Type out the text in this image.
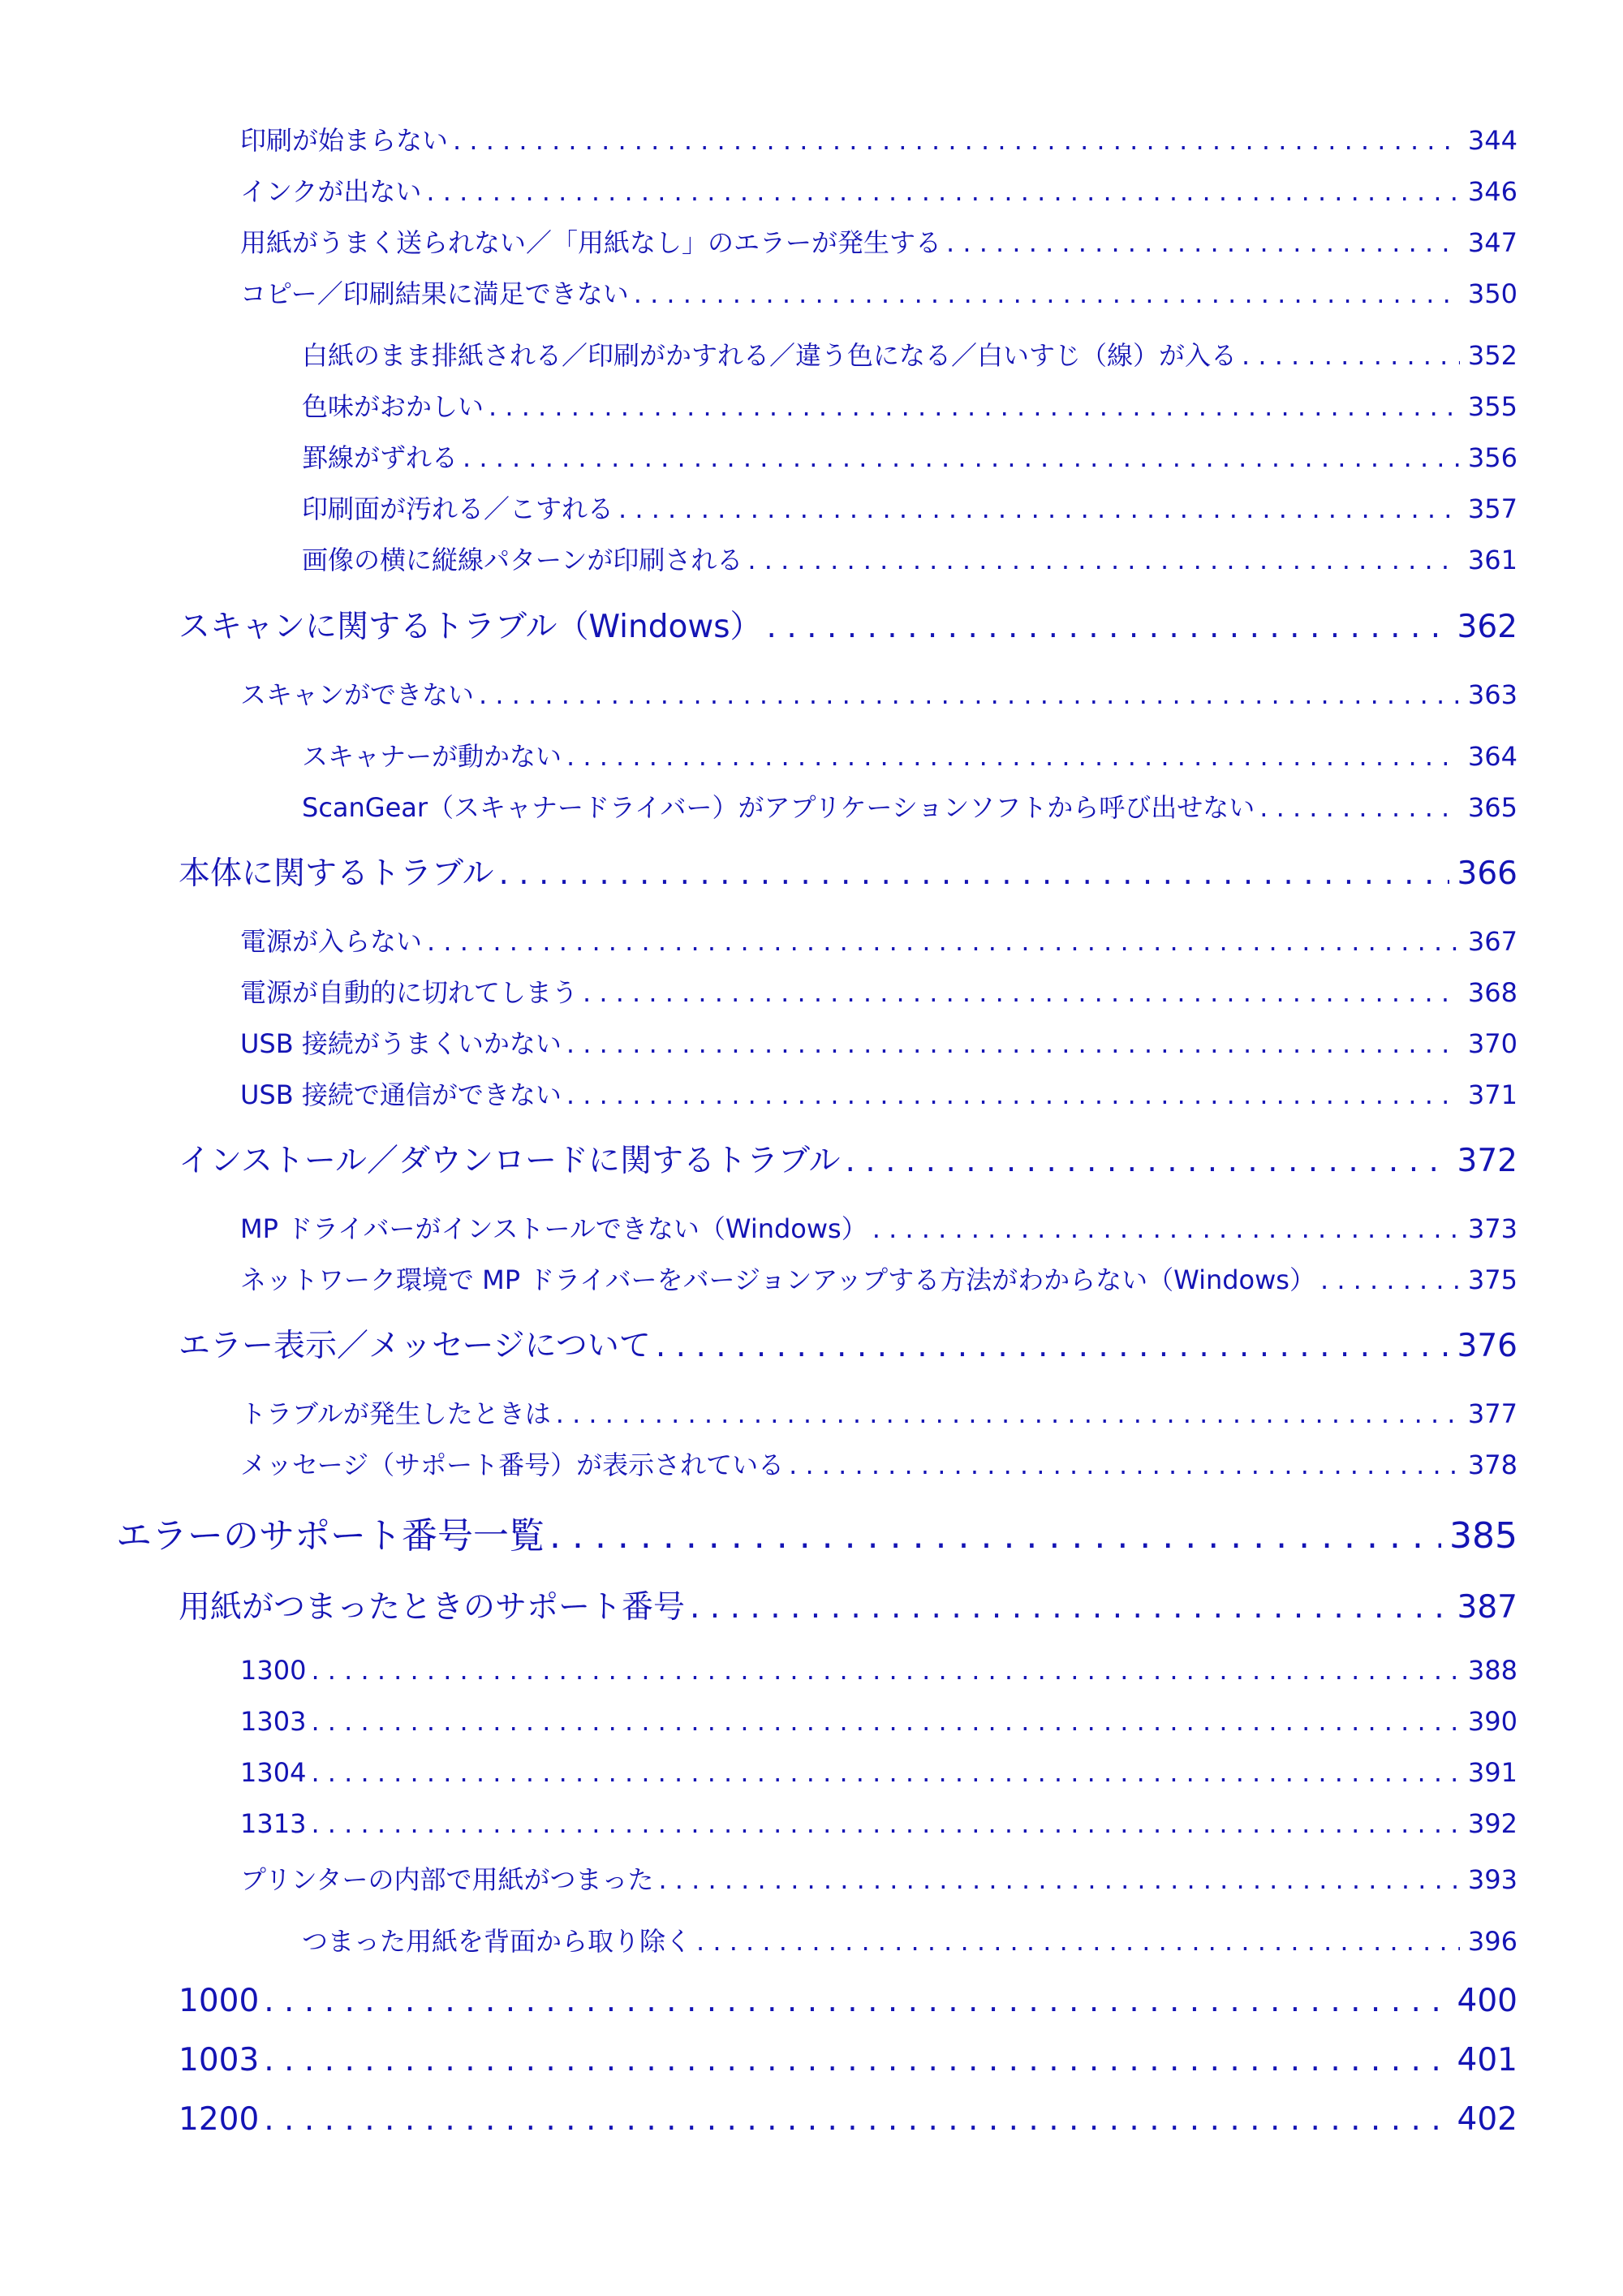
印刷が始まらない . . .	344
インクが出ない . . .	346
用紙がうまく送られない／「用紙なし」のエラーが発生する . . .	347
コピー／印刷結果に満足できない . . .	350
白紙のまま排紙される／印刷がかすれる／違う色になる／白いすじ（線）が入る . . .	352
色味がおかしい . . .	355
罫線がずれる . . .	356
印刷面が汚れる／こすれる . . .	357
画像の横に縦線パターンが印刷される . . .	361
スキャンに関するトラブル（Windows） . . .	362
スキャンができない . . .	363
スキャナーが動かない . . .	364
ScanGear（スキャナードライバー）がアプリケーションソフトから呼び出せない . . .	365
本体に関するトラブル . . .	366
電源が入らない . . .	367
電源が自動的に切れてしまう . . .	368
USB 接続がうまくいかない . . .	370
USB 接続で通信ができない . . .	371
インストール／ダウンロードに関するトラブル . . .	372
MP ドライバーがインストールできない（Windows） . . .	373
ネットワーク環境で MP ドライバーをバージョンアップする方法がわからない（Windows） . . .	375
エラー表示／メッセージについて . . .	376
トラブルが発生したときは . . .	377
メッセージ（サポート番号）が表示されている . . .	378
エラーのサポート番号一覧 . . .	385
用紙がつまったときのサポート番号 . . .	387
1300 . . .	388
1303 . . .	390
1304 . . .	391
1313 . . .	392
プリンターの内部で用紙がつまった . . .	393
つまった用紙を背面から取り除く . . .	396
1000 . . .	400
1003 . . .	401
1200 . . .	402
